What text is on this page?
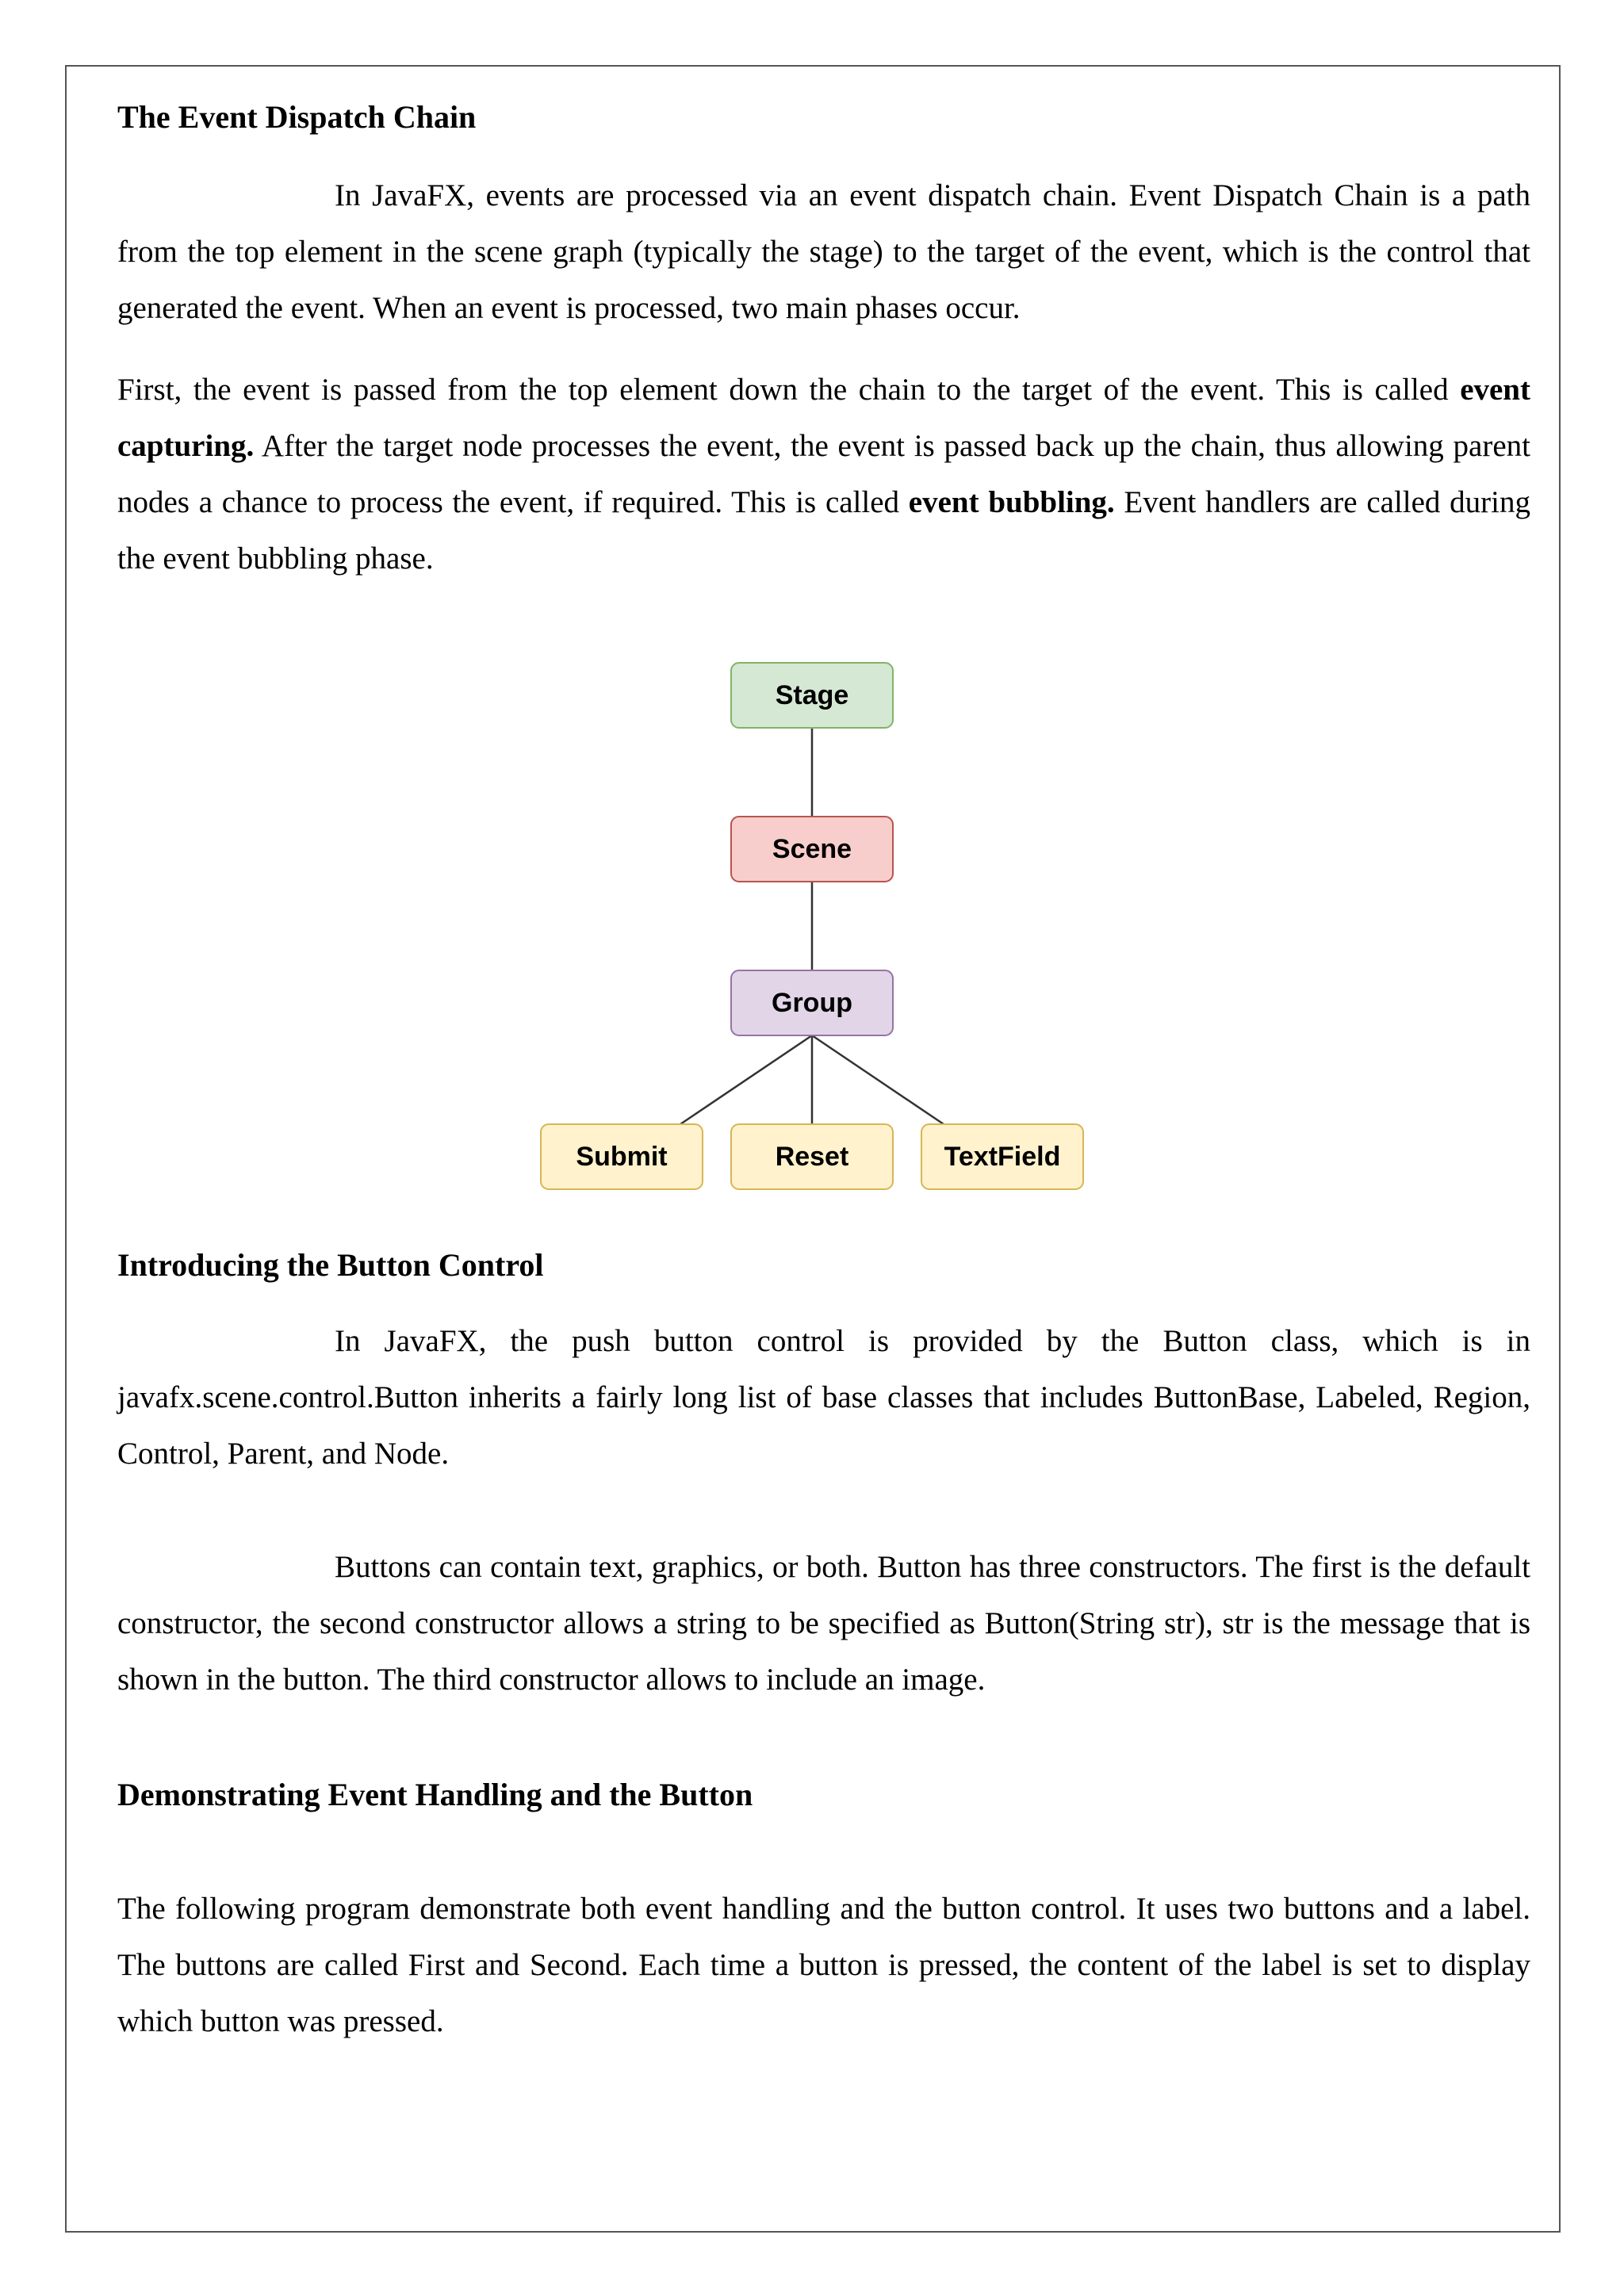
The Event Dispatch Chain

In JavaFX, events are processed via an event dispatch chain. Event Dispatch Chain is a path from the top element in the scene graph (typically the stage) to the target of the event, which is the control that generated the event. When an event is processed, two main phases occur.

First, the event is passed from the top element down the chain to the target of the event. This is called event capturing. After the target node processes the event, the event is passed back up the chain, thus allowing parent nodes a chance to process the event, if required. This is called event bubbling. Event handlers are called during the event bubbling phase.

Stage
Scene
Group
Submit	Reset	TextField
Introducing the Button Control

In JavaFX, the push button control is provided by the Button class, which is in javafx.scene.control.Button inherits a fairly long list of base classes that includes ButtonBase, Labeled, Region, Control, Parent, and Node.

Buttons can contain text, graphics, or both. Button has three constructors. The first is the default constructor, the second constructor allows a string to be specified as Button(String str), str is the message that is shown in the button. The third constructor allows to include an image.

Demonstrating Event Handling and the Button

The following program demonstrate both event handling and the button control. It uses two buttons and a label. The buttons are called First and Second. Each time a button is pressed, the content of the label is set to display which button was pressed.
